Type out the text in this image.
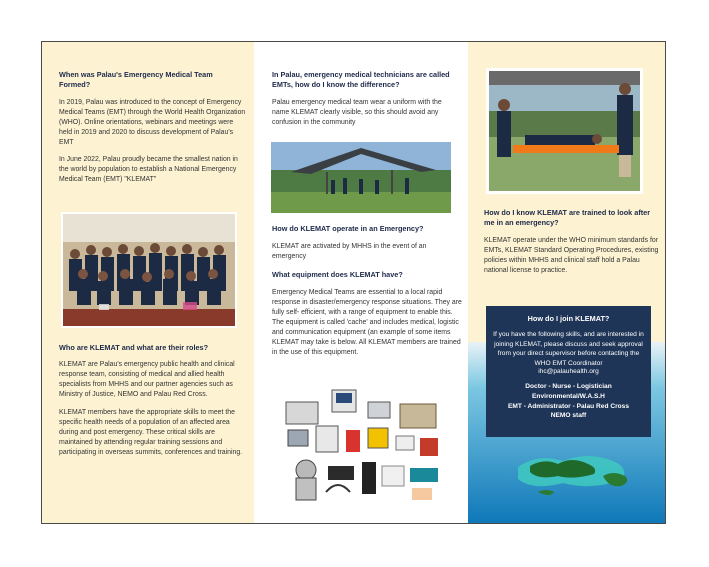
When was Palau's Emergency Medical Team Formed?
In 2019, Palau was introduced to the concept of Emergency Medical Teams (EMT) through the World Health Organization (WHO). Online orientations, webinars and meetings were held in 2019 and 2020 to discuss development of Palau's EMT
In June 2022, Palau proudly became the smallest nation in the world by population to establish a National Emergency Medical Team (EMT) "KLEMAT"
Who are KLEMAT and what are their roles?
KLEMAT are Palau's emergency public health and clinical response team, consisting of medical and allied health specialists from MHHS and our partner agencies such as Ministry of Justice, NEMO and Palau Red Cross.
KLEMAT members have the appropriate skills to meet the specific health needs of a population of an affected area during and post emergency. These critical skills are maintained by attending regular training sessions and participating in overseas summits, conferences and training.
In Palau, emergency medical technicians are called EMTs, how do I know the difference?
Palau emergency medical team wear a uniform with the name KLEMAT clearly visible, so this should avoid any confusion in the community
How do KLEMAT operate in an Emergency?
KLEMAT are activated by MHHS in the event of an emergency
What equipment does KLEMAT have?
Emergency Medical Teams are essential to a local rapid response in disaster/emergency response situations. They are fully self- efficient, with a range of equipment to enable this. The equipment is called 'cache' and includes medical, logistic and communication equipment (an example of some items KLEMAT may take is below. All KLEMAT members are trained in the use of this equipment.
How do I know KLEMAT are trained to look after me in an emergency?
KLEMAT operate under the WHO minimum standards for EMTs, KLEMAT Standard Operating Procedures, existing policies within MHHS and clinical staff hold a Palau national license to practice.
How do I join KLEMAT?
If you have the following skills, and are interested in joining KLEMAT, please discuss and seek approval from your direct supervisor before contacting the WHO EMT Coordinator
ihc@palauhealth.org
Doctor - Nurse - Logistician
Environmental/W.A.S.H
EMT - Administrator - Palau Red Cross
NEMO staff
